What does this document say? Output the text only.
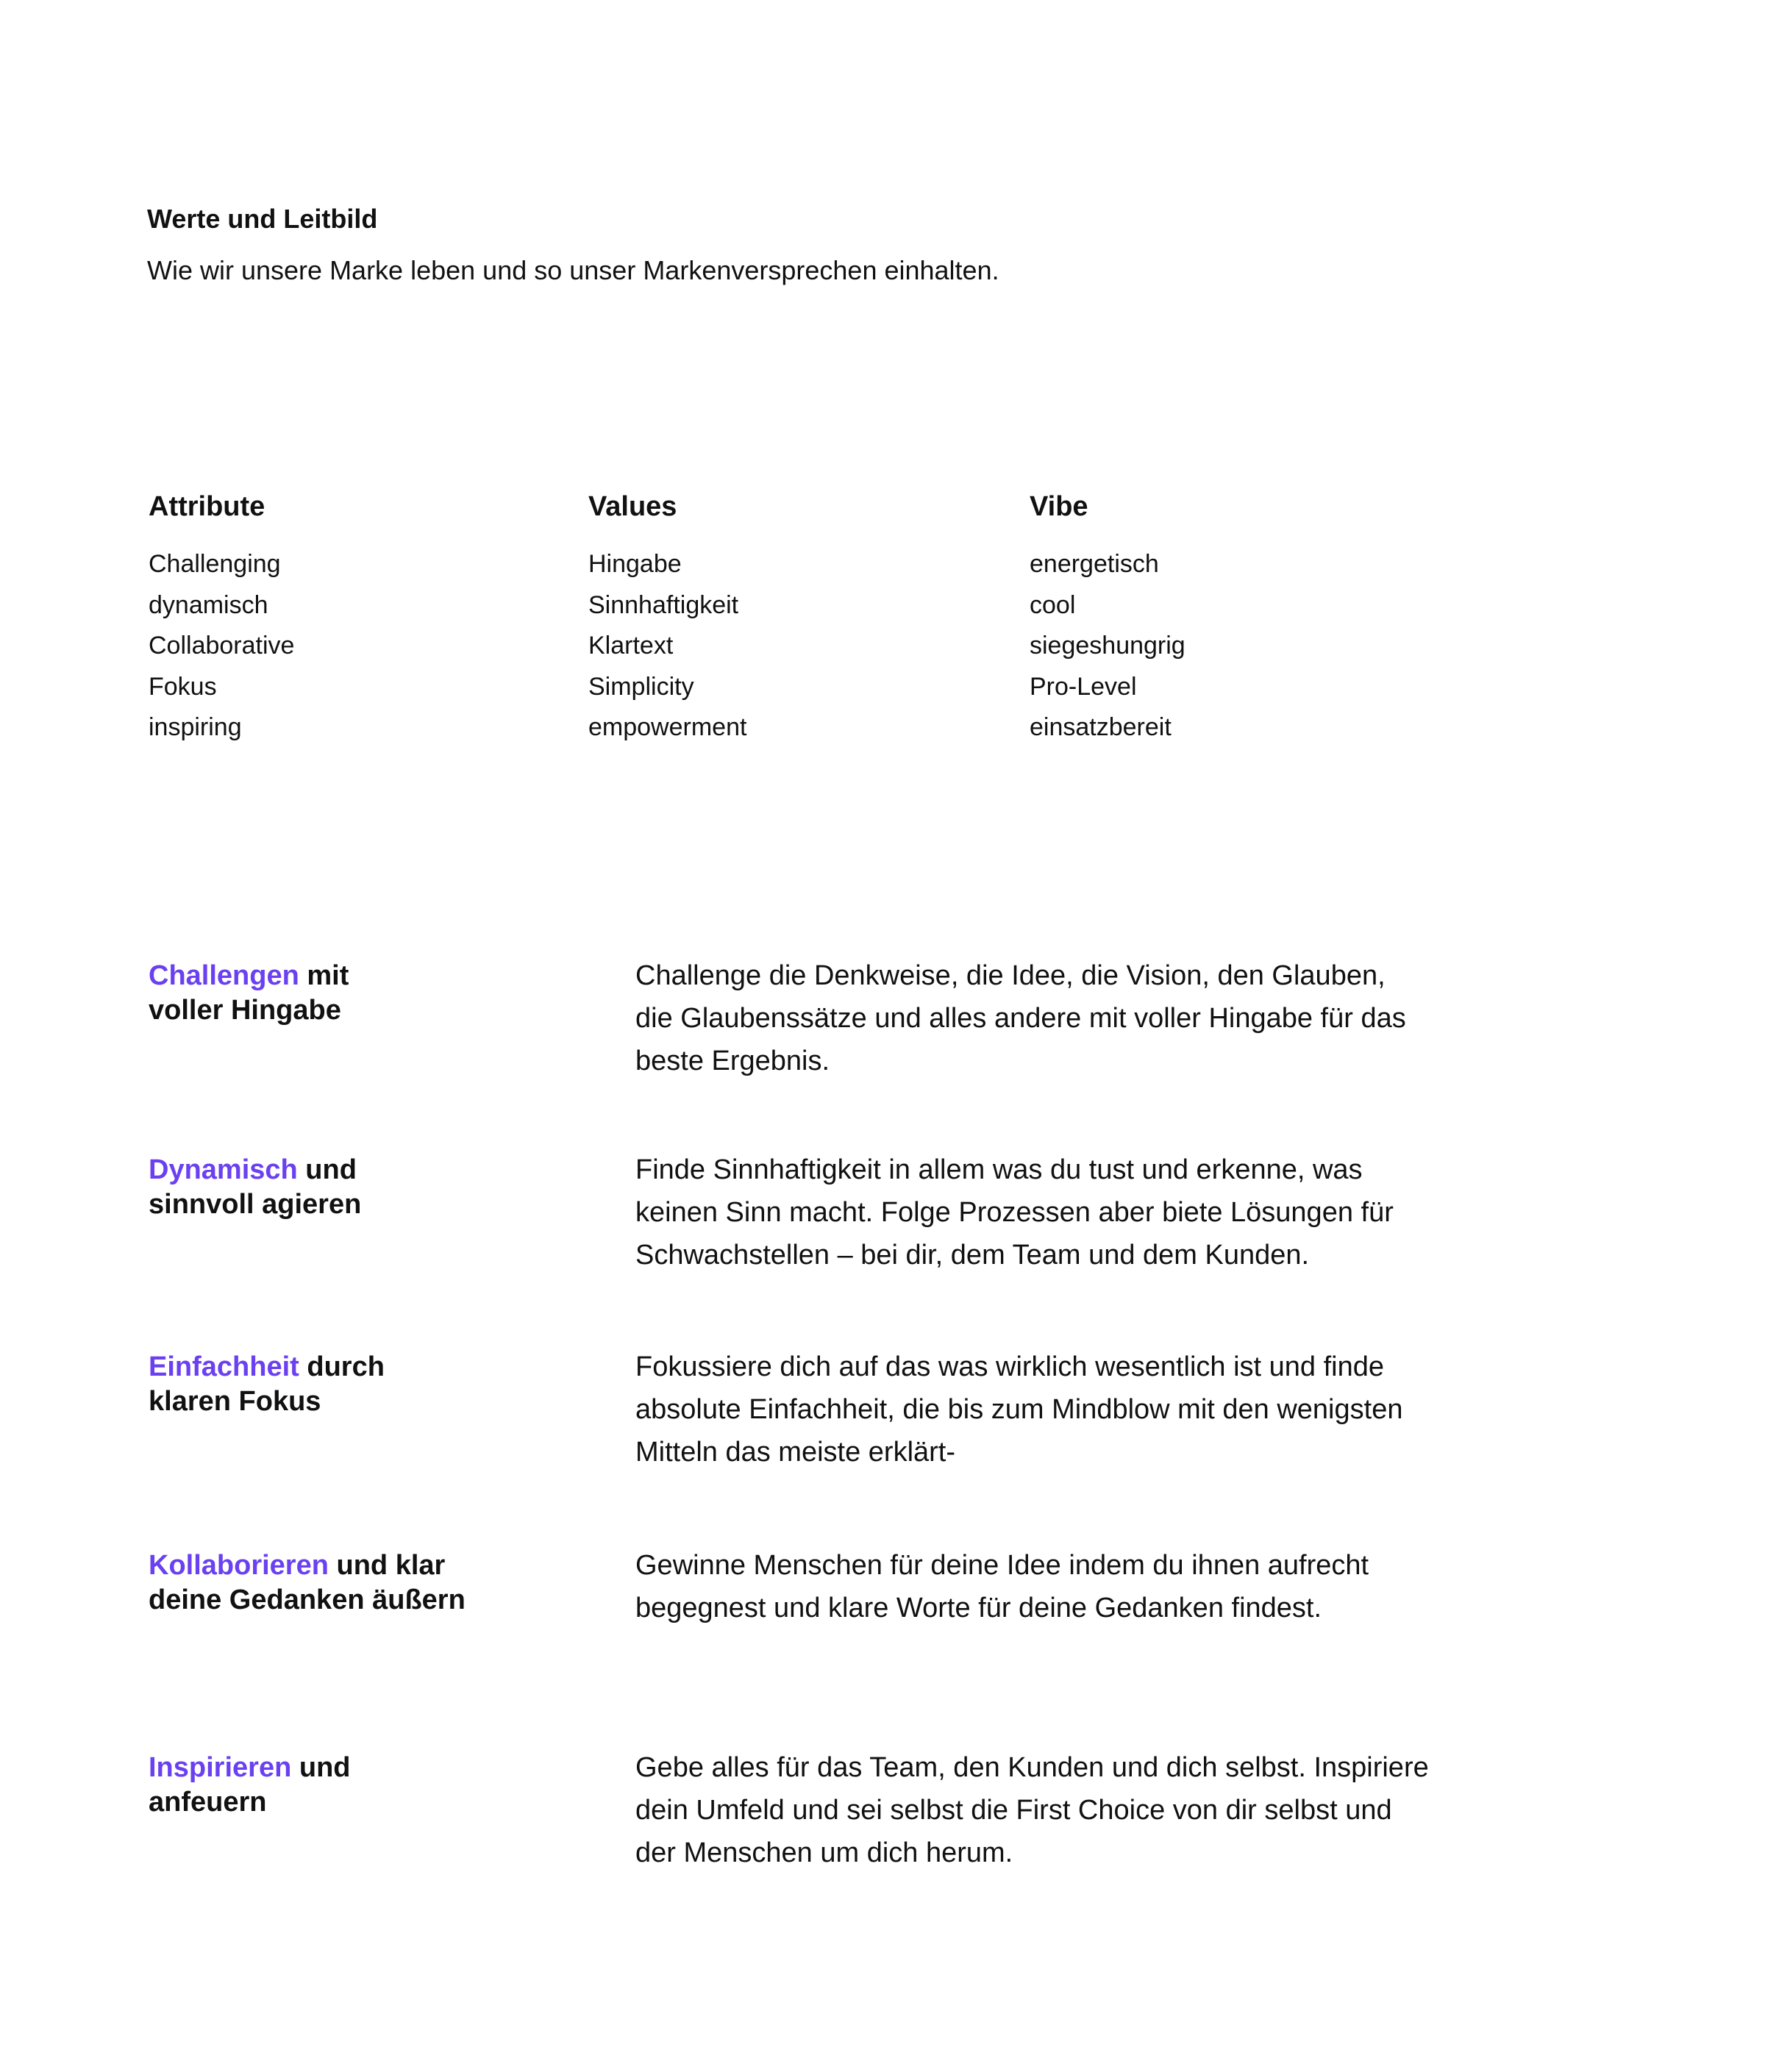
Werte und Leitbild

Wie wir unsere Marke leben und so unser Markenversprechen einhalten.

Attribute
Challenging
dynamisch
Collaborative
Fokus
inspiring
Values
Hingabe
Sinnhaftigkeit
Klartext
Simplicity
empowerment
Vibe
energetisch
cool
siegeshungrig
Pro-Level
einsatzbereit
Challengen mit
voller Hingabe

Challenge die Denkweise, die Idee, die Vision, den Glauben, die Glaubenssätze und alles andere mit voller Hingabe für das beste Ergebnis.

Dynamisch und
sinnvoll agieren

Finde Sinnhaftigkeit in allem was du tust und erkenne, was keinen Sinn macht. Folge Prozessen aber biete Lösungen für Schwachstellen – bei dir, dem Team und dem Kunden.

Einfachheit durch
klaren Fokus

Fokussiere dich auf das was wirklich wesentlich ist und finde absolute Einfachheit, die bis zum Mindblow mit den wenigsten Mitteln das meiste erklärt-

Kollaborieren und klar
deine Gedanken äußern

Gewinne Menschen für deine Idee indem du ihnen aufrecht begegnest und klare Worte für deine Gedanken findest.

Inspirieren und
anfeuern

Gebe alles für das Team, den Kunden und dich selbst. Inspiriere dein Umfeld und sei selbst die First Choice von dir selbst und der Menschen um dich herum.
